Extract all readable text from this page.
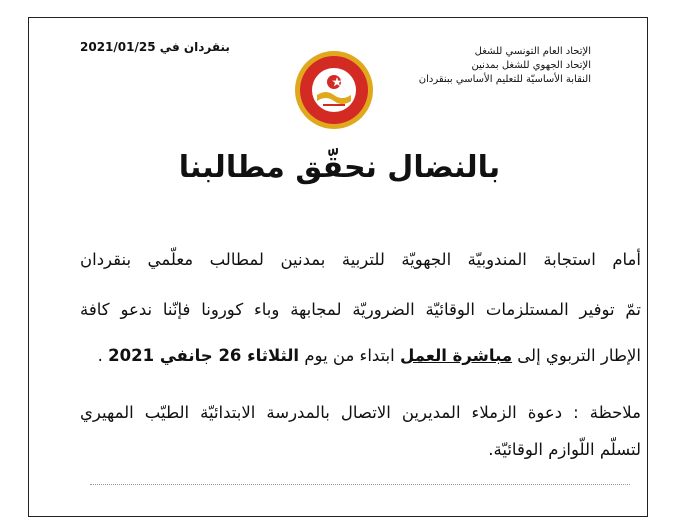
بنقردان في 2021/01/25	الإتحاد العام التونسي للشغل
الإتحاد الجهوي للشغل بمدنين
النقابة الأساسيّة للتعليم الأساسي ببنقردان
بالنضال نحقّق مطالبنا
أمام استجابة المندوبيّة الجهويّة للتربية بمدنين لمطالب معلّمي بنقردان
تمّ توفير المستلزمات الوقائيّة الضروريّة لمجابهة وباء كورونا فإنّنا ندعو كافة
الإطار التربوي إلى مباشرة العمل ابتداء من يوم الثلاثاء 26 جانفي 2021 .
ملاحظة : دعوة الزملاء المديرين الاتصال بالمدرسة الابتدائيّة الطيّب المهيري
لتسلّم اللّوازم الوقائيّة.
